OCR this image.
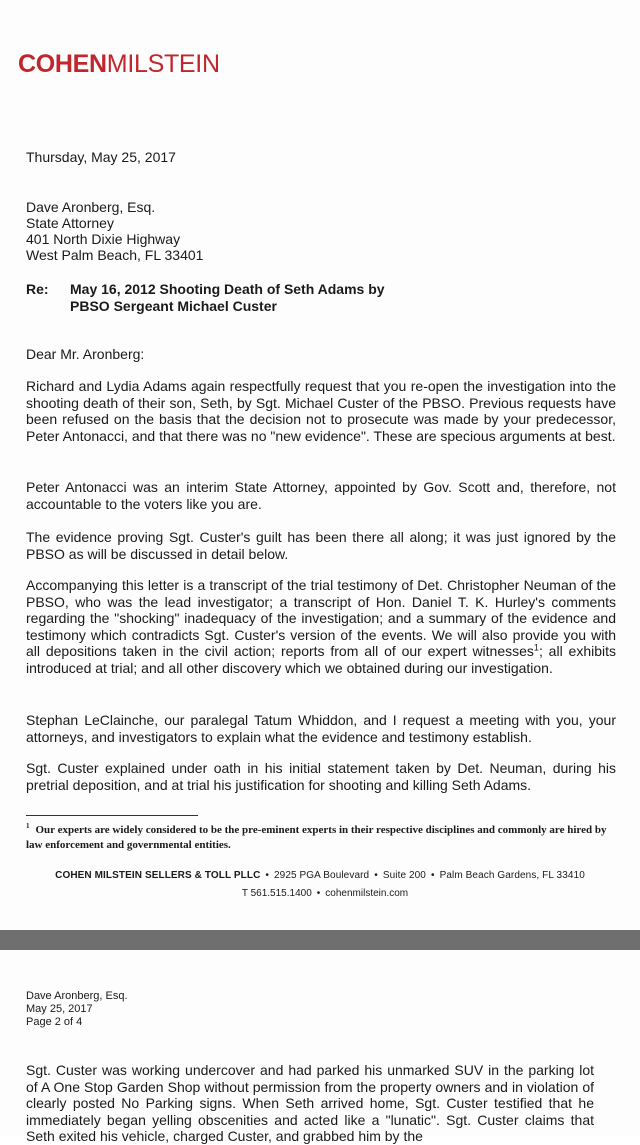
COHENMILSTEIN
Thursday, May 25, 2017
Dave Aronberg, Esq.
State Attorney
401 North Dixie Highway
West Palm Beach, FL 33401
Re: May 16, 2012 Shooting Death of Seth Adams by
PBSO Sergeant Michael Custer
Dear Mr. Aronberg:
Richard and Lydia Adams again respectfully request that you re-open the investigation into the shooting death of their son, Seth, by Sgt. Michael Custer of the PBSO. Previous requests have been refused on the basis that the decision not to prosecute was made by your predecessor, Peter Antonacci, and that there was no "new evidence". These are specious arguments at best.
Peter Antonacci was an interim State Attorney, appointed by Gov. Scott and, therefore, not accountable to the voters like you are.
The evidence proving Sgt. Custer's guilt has been there all along; it was just ignored by the PBSO as will be discussed in detail below.
Accompanying this letter is a transcript of the trial testimony of Det. Christopher Neuman of the PBSO, who was the lead investigator; a transcript of Hon. Daniel T. K. Hurley's comments regarding the "shocking" inadequacy of the investigation; and a summary of the evidence and testimony which contradicts Sgt. Custer's version of the events. We will also provide you with all depositions taken in the civil action; reports from all of our expert witnesses$^1$; all exhibits introduced at trial; and all other discovery which we obtained during our investigation.
Stephan LeClainche, our paralegal Tatum Whiddon, and I request a meeting with you, your attorneys, and investigators to explain what the evidence and testimony establish.
Sgt. Custer explained under oath in his initial statement taken by Det. Neuman, during his pretrial deposition, and at trial his justification for shooting and killing Seth Adams.
$^1$ Our experts are widely considered to be the pre-eminent experts in their respective disciplines and commonly are hired by law enforcement and governmental entities.
COHEN MILSTEIN SELLERS & TOLL PLLC • 2925 PGA Boulevard • Suite 200 • Palm Beach Gardens, FL 33410
T 561.515.1400 • cohenmilstein.com
Dave Aronberg, Esq.
May 25, 2017
Page 2 of 4
Sgt. Custer was working undercover and had parked his unmarked SUV in the parking lot of A One Stop Garden Shop without permission from the property owners and in violation of clearly posted No Parking signs. When Seth arrived home, Sgt. Custer testified that he immediately began yelling obscenities and acted like a "lunatic". Sgt. Custer claims that Seth exited his vehicle, charged Custer, and grabbed him by the
